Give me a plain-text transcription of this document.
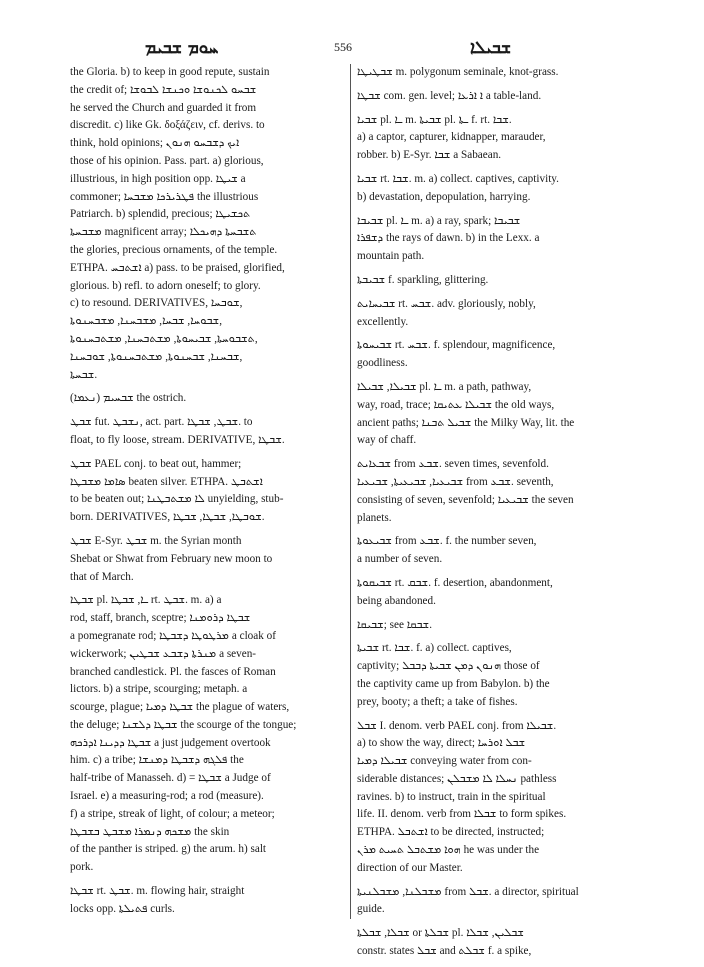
ܚܘܡ ܫܒܝܡ	556	ܫܒܝܠܐ
the Gloria. b) to keep in good repute, sustain
the credit of; ܫܒܚܘ ܠܟܢܘܫܐ ܘܟܢܫܐ ܠܒܘܫܐ
he served the Church and guarded it from
discredit. c) like Gk. δοξάζειν, cf. derivs. to
think, hold opinions; ܐܝܟ ܕܫܒܚܘ ܗܢܘܢ
those of his opinion. Pass. part. a) glorious,
illustrious, in high position opp. ܫܝܛܐ a
commoner; ܦܛܪܝܪܟܐ ܡܫܒܚܐ the illustrious
Patriarch. b) splendid, precious; ܬܟܫܝܛܐ
ܡܫܒܚܬܐ magnificent array; ܬܫܒܚܬܐ ܕܗܝܟܠܐ
the glories, precious ornaments, of the temple.
ETHPA. ܐܫܬܒܚ a) pass. to be praised, glorified,
glorious. b) refl. to adorn oneself; to glory.
c) to resound. DERIVATIVES, ܫܘܒܚܐ,
ܫܒܘܚܐ, ܫܒܚܐ, ܡܫܒܚܢܐ, ܡܫܒܚܢܘܬܐ,
ܬܫܒܘܚܬܐ, ܫܒܝܚܘܬܐ, ܡܫܬܒܚܢܐ, ܡܫܬܒܚܢܘܬܐ,
ܫܒܚܢܐ, ܫܒܚܢܘܬܐ, ܡܫܬܒܚܢܘܬܐ, ܫܘܒܚܢܐ,
ܫܒܚܬܐ.
ܫܒܚܝܡ (ܢܥܡܐ) the ostrich.
ܫܒܛ fut. ܢܫܒܛ, act. part. ܫܒܛ, ܫܒܛܐ. to
float, to fly loose, stream. DERIVATIVE, ܫܒܛܐ.
ܫܒܛ PAEL conj. to beat out, hammer;
ܣܐܡܐ ܡܫܒܛܐ beaten silver. ETHPA. ܐܫܬܒܛ
to be beaten out; ܠܐ ܡܫܬܒܛܢܐ unyielding, stub-
born. DERIVATIVES, ܫܘܒܛܐ, ܫܒܛܐ, ܫܒܛܐ.
ܫܒܛ E-Syr. ܫܒܛ m. the Syrian month
Shebat or Shwat from February new moon to
that of March.
ܫܒܛܐ pl. ـܐ, ܫܒܛܐ rt. ܫܒܛ. m. a) a
rod, staff, branch, sceptre; ܫܒܛܐ ܕܪܘܡܢܐ
a pomegranate rod; ܡܪܛܘܛܐ ܕܫܒܛܐ a cloak of
wickerwork; ܡܢܪܬܐ ܕܫܒܥ ܫܒܛܝܢ a seven-
branched candlestick. Pl. the fasces of Roman
lictors. b) a stripe, scourging; metaph. a
scourge, plague; ܫܒܛܐ ܕܡܝܐ the plague of waters,
the deluge; ܫܒܛܐ ܕܠܫܢܐ the scourge of the tongue;
ܫܒܛܐ ܕܕܝܢܐ ܐܕܪܟܗ a just judgement overtook
him. c) a tribe; ܦܠܓܗ ܕܫܒܛܐ ܕܡܢܫܐ the
half-tribe of Manasseh. d) = ܫܒܛܐ a Judge of
Israel. e) a measuring-rod; a rod (measure).
f) a stripe, streak of light, of colour; a meteor;
ܡܫܟܗ ܕܢܡܪܐ ܡܫܒܛ ܒܫܒܛܐ the skin
of the panther is striped. g) the arum. h) salt
pork.
ܫܒܛܐ rt. ܫܒܛ. m. flowing hair, straight
locks opp. ܦܬܝܠܬܐ curls.
ܫܒܛܝܛܐ m. polygonum seminale, knot-grass.
ܫܒܛܐ com. gen. level; ܐ ܐܪܥܐ a table-land.
ܫܒܝܐ pl. ـܐ m. ܫܒܝܬܐ pl. ـܬܐ f. rt. ܫܒܐ.
a) a captor, capturer, kidnapper, marauder,
robber. b) E-Syr. ܫܒܐ a Sabaean.
ܫܒܝܐ rt. ܫܒܐ. m. a) collect. captives, captivity.
b) devastation, depopulation, harrying.
ܫܒܝܒܐ pl. ـܐ m. a) a ray, spark; ܫܒܝܒܐ
ܕܫܦܪܐ the rays of dawn. b) in the Lexx. a
mountain path.
ܫܒܝܒܬܐ f. sparkling, glittering.
ܫܒܝܚܐܝܬ rt. ܫܒܚ. adv. gloriously, nobly,
excellently.
ܫܒܝܚܘܬܐ rt. ܫܒܚ. f. splendour, magnificence,
goodliness.
ܫܒܝܠܐ, ܫܒܝܠܐ pl. ـܐ m. a path, pathway,
way, road, trace; ܫܒܝܠܐ ܥܬܝܩܐ the old ways,
ancient paths; ܫܒܝܠ ܬܒܢܐ the Milky Way, lit. the
way of chaff.
ܫܒܥܐܝܬ from ܫܒܥ. seven times, sevenfold.
ܫܒܝܥܝܐ, ܫܒܝܥܝܬܐ, ܫܒܝܥܝܐ from ܫܒܥ. seventh,
consisting of seven, sevenfold; ܫܒܝܥܝܐ the seven
planets.
ܫܒܝܥܘܬܐ from ܫܒܥ. f. the number seven,
a number of seven.
ܫܒܝܩܘܬܐ rt. ܫܒܩ. f. desertion, abandonment,
being abandoned.
ܫܒܝܩܐ; see ܫܒܩܐ.
ܫܒܝܬܐ rt. ܫܒܐ. f. a) collect. captives,
captivity; ܗܢܘܢ ܕܡܢ ܫܒܝܬܐ ܕܒܒܠ those of
the captivity came up from Babylon. b) the
prey, booty; a theft; a take of fishes.
ܫܒܠ I. denom. verb PAEL conj. from ܫܒܝܠܐ.
a) to show the way, direct; ܫܒܠ ܐܘܪܚܐ
ܫܒܝܠܐ ܕܡܝܐ conveying water from con-
siderable distances; ܢܚܠܐ ܠܐ ܡܫܒܠܢ pathless
ravines. b) to instruct, train in the spiritual
life. II. denom. verb from ܫܒܠܐ to form spikes.
ETHPA. ܐܫܬܒܠ to be directed, instructed;
ܗܘܐ ܡܫܬܒܠ ܬܚܝܬ ܡܪܢ he was under the
direction of our Master.
ܡܫܒܠܢܐ, ܡܫܒܠܢܝܬܐ from ܫܒܠ. a director, spiritual
guide.
ܫܒܠܐ, ܫܒܠܬܐ or ܫܒܠܬܐ pl. ܫܒܠܝܢ, ܫܒܠܐ
constr. states ܫܒܠ and ܫܒܠܬ f. a spike,
